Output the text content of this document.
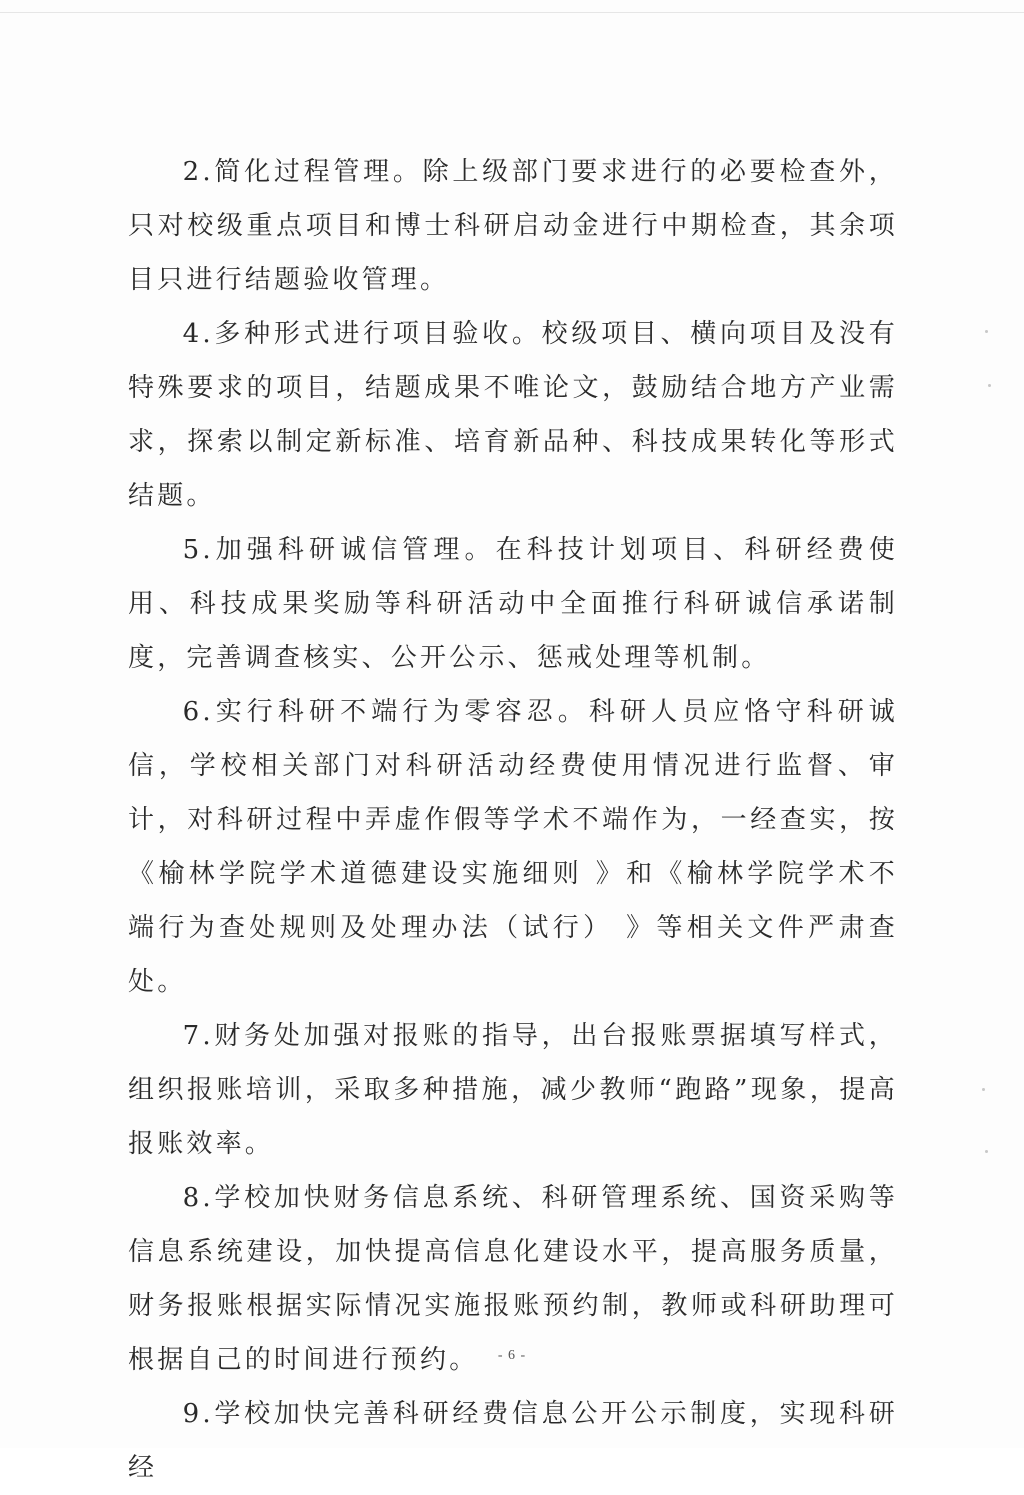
2.简化过程管理。除上级部门要求进行的必要检查外，只对校级重点项目和博士科研启动金进行中期检查，其余项目只进行结题验收管理。

4.多种形式进行项目验收。校级项目、横向项目及没有特殊要求的项目，结题成果不唯论文，鼓励结合地方产业需求，探索以制定新标准、培育新品种、科技成果转化等形式结题。

5.加强科研诚信管理。在科技计划项目、科研经费使用、科技成果奖励等科研活动中全面推行科研诚信承诺制度，完善调查核实、公开公示、惩戒处理等机制。

6.实行科研不端行为零容忍。科研人员应恪守科研诚信，学校相关部门对科研活动经费使用情况进行监督、审计，对科研过程中弄虚作假等学术不端作为，一经查实，按《榆林学院学术道德建设实施细则 》和《榆林学院学术不端行为查处规则及处理办法（试行） 》等相关文件严肃查处。

7.财务处加强对报账的指导，出台报账票据填写样式，组织报账培训，采取多种措施，减少教师“跑路”现象，提高报账效率。

8.学校加快财务信息系统、科研管理系统、国资采购等信息系统建设，加快提高信息化建设水平，提高服务质量，财务报账根据实际情况实施报账预约制，教师或科研助理可根据自己的时间进行预约。

9.学校加快完善科研经费信息公开公示制度，实现科研经

- 6 -
